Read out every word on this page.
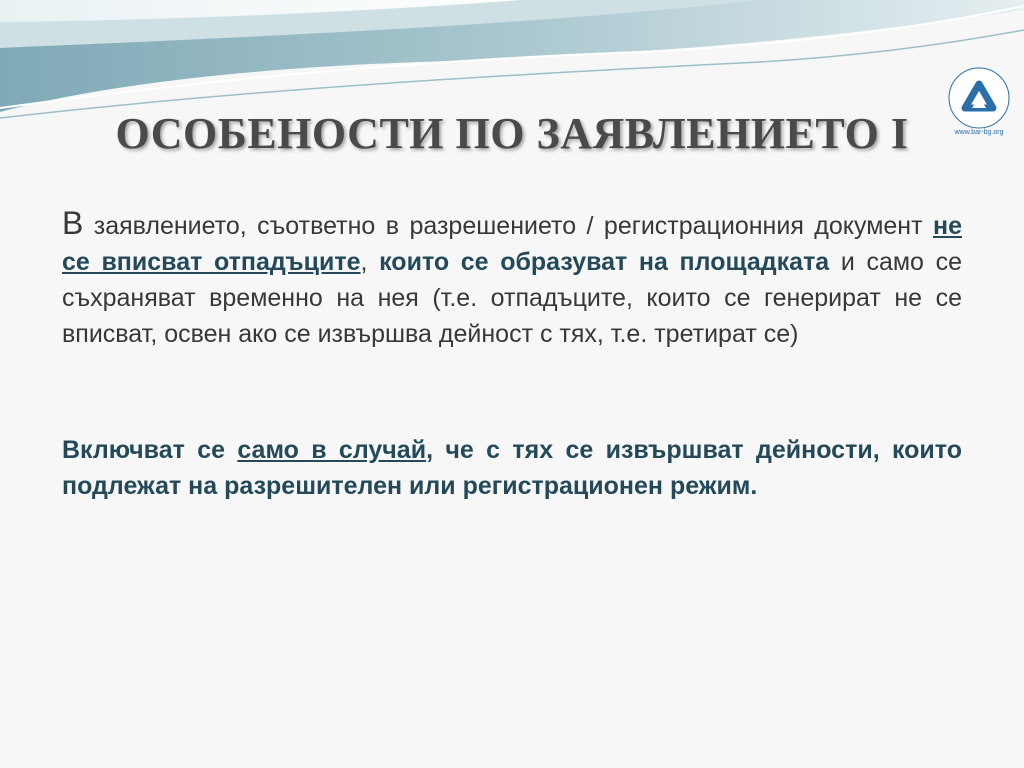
www.bar-bg.org
ОСОБЕНОСТИ ПО ЗАЯВЛЕНИЕТО I

В заявлението, съответно в разрешението / регистрационния документ не се вписват отпадъците, които се образуват на площадката и само се съхраняват временно на нея (т.е. отпадъците, които се генерират не се вписват, освен ако се извършва дейност с тях, т.е. третират се)

Включват се само в случай, че с тях се извършват дейности, които подлежат на разрешителен или регистрационен режим.
